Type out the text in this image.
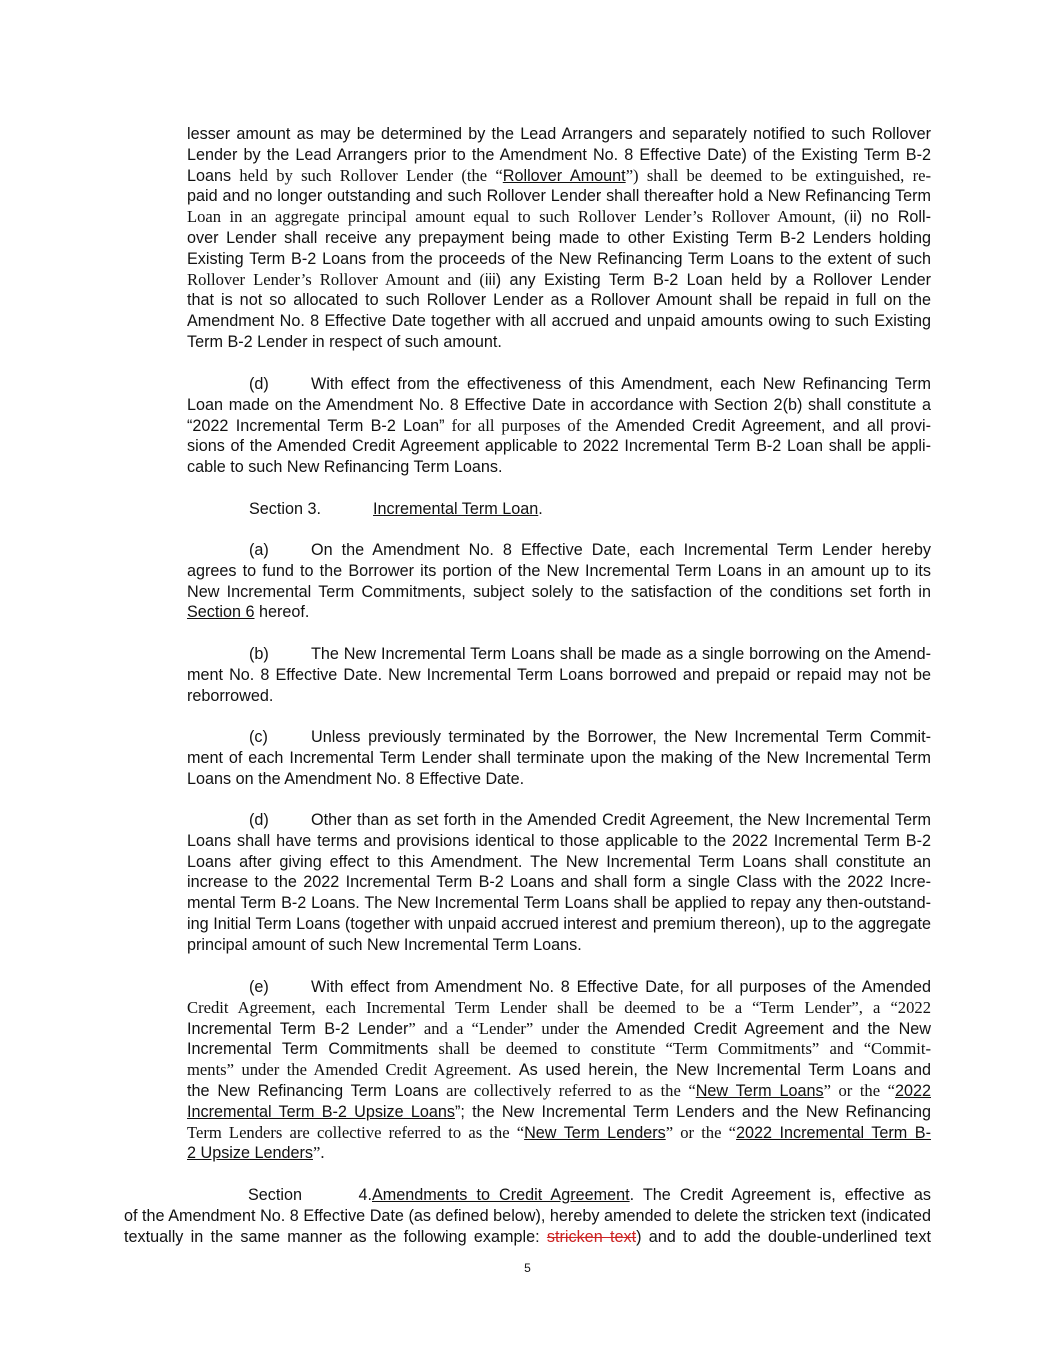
lesser amount as may be determined by the Lead Arrangers and separately notified to such Rollover
Lender by the Lead Arrangers prior to the Amendment No. 8 Effective Date) of the Existing Term B-2
Loans held by such Rollover Lender (the “Rollover Amount”) shall be deemed to be extinguished, re-
paid and no longer outstanding and such Rollover Lender shall thereafter hold a New Refinancing Term
Loan in an aggregate principal amount equal to such Rollover Lender’s Rollover Amount, (ii) no Roll-
over Lender shall receive any prepayment being made to other Existing Term B-2 Lenders holding
Existing Term B-2 Loans from the proceeds of the New Refinancing Term Loans to the extent of such
Rollover Lender’s Rollover Amount and (iii) any Existing Term B-2 Loan held by a Rollover Lender
that is not so allocated to such Rollover Lender as a Rollover Amount shall be repaid in full on the
Amendment No. 8 Effective Date together with all accrued and unpaid amounts owing to such Existing
Term B-2 Lender in respect of such amount.
(d)	With effect from the effectiveness of this Amendment, each New Refinancing Term
Loan made on the Amendment No. 8 Effective Date in accordance with Section 2(b) shall constitute a
“2022 Incremental Term B-2 Loan” for all purposes of the Amended Credit Agreement, and all provi-
sions of the Amended Credit Agreement applicable to 2022 Incremental Term B-2 Loan shall be appli-
cable to such New Refinancing Term Loans.
Section 3.	Incremental Term Loan.
(a)	On the Amendment No. 8 Effective Date, each Incremental Term Lender hereby
agrees to fund to the Borrower its portion of the New Incremental Term Loans in an amount up to its
New Incremental Term Commitments, subject solely to the satisfaction of the conditions set forth in
Section 6 hereof.
(b)	The New Incremental Term Loans shall be made as a single borrowing on the Amend-
ment No. 8 Effective Date. New Incremental Term Loans borrowed and prepaid or repaid may not be
reborrowed.
(c)	Unless previously terminated by the Borrower, the New Incremental Term Commit-
ment of each Incremental Term Lender shall terminate upon the making of the New Incremental Term
Loans on the Amendment No. 8 Effective Date.
(d)	Other than as set forth in the Amended Credit Agreement, the New Incremental Term
Loans shall have terms and provisions identical to those applicable to the 2022 Incremental Term B-2
Loans after giving effect to this Amendment. The New Incremental Term Loans shall constitute an
increase to the 2022 Incremental Term B-2 Loans and shall form a single Class with the 2022 Incre-
mental Term B-2 Loans. The New Incremental Term Loans shall be applied to repay any then-outstand-
ing Initial Term Loans (together with unpaid accrued interest and premium thereon), up to the aggregate
principal amount of such New Incremental Term Loans.
(e)	With effect from Amendment No. 8 Effective Date, for all purposes of the Amended
Credit Agreement, each Incremental Term Lender shall be deemed to be a “Term Lender”, a “2022
Incremental Term B-2 Lender” and a “Lender” under the Amended Credit Agreement and the New
Incremental Term Commitments shall be deemed to constitute “Term Commitments” and “Commit-
ments” under the Amended Credit Agreement. As used herein, the New Incremental Term Loans and
the New Refinancing Term Loans are collectively referred to as the “New Term Loans” or the “2022
Incremental Term B-2 Upsize Loans”; the New Incremental Term Lenders and the New Refinancing
Term Lenders are collective referred to as the “New Term Lenders” or the “2022 Incremental Term B-
2 Upsize Lenders”.
Section 4.Amendments to Credit Agreement. The Credit Agreement is, effective as
of the Amendment No. 8 Effective Date (as defined below), hereby amended to delete the stricken text (indicated
textually in the same manner as the following example: stricken text) and to add the double-underlined text
5
